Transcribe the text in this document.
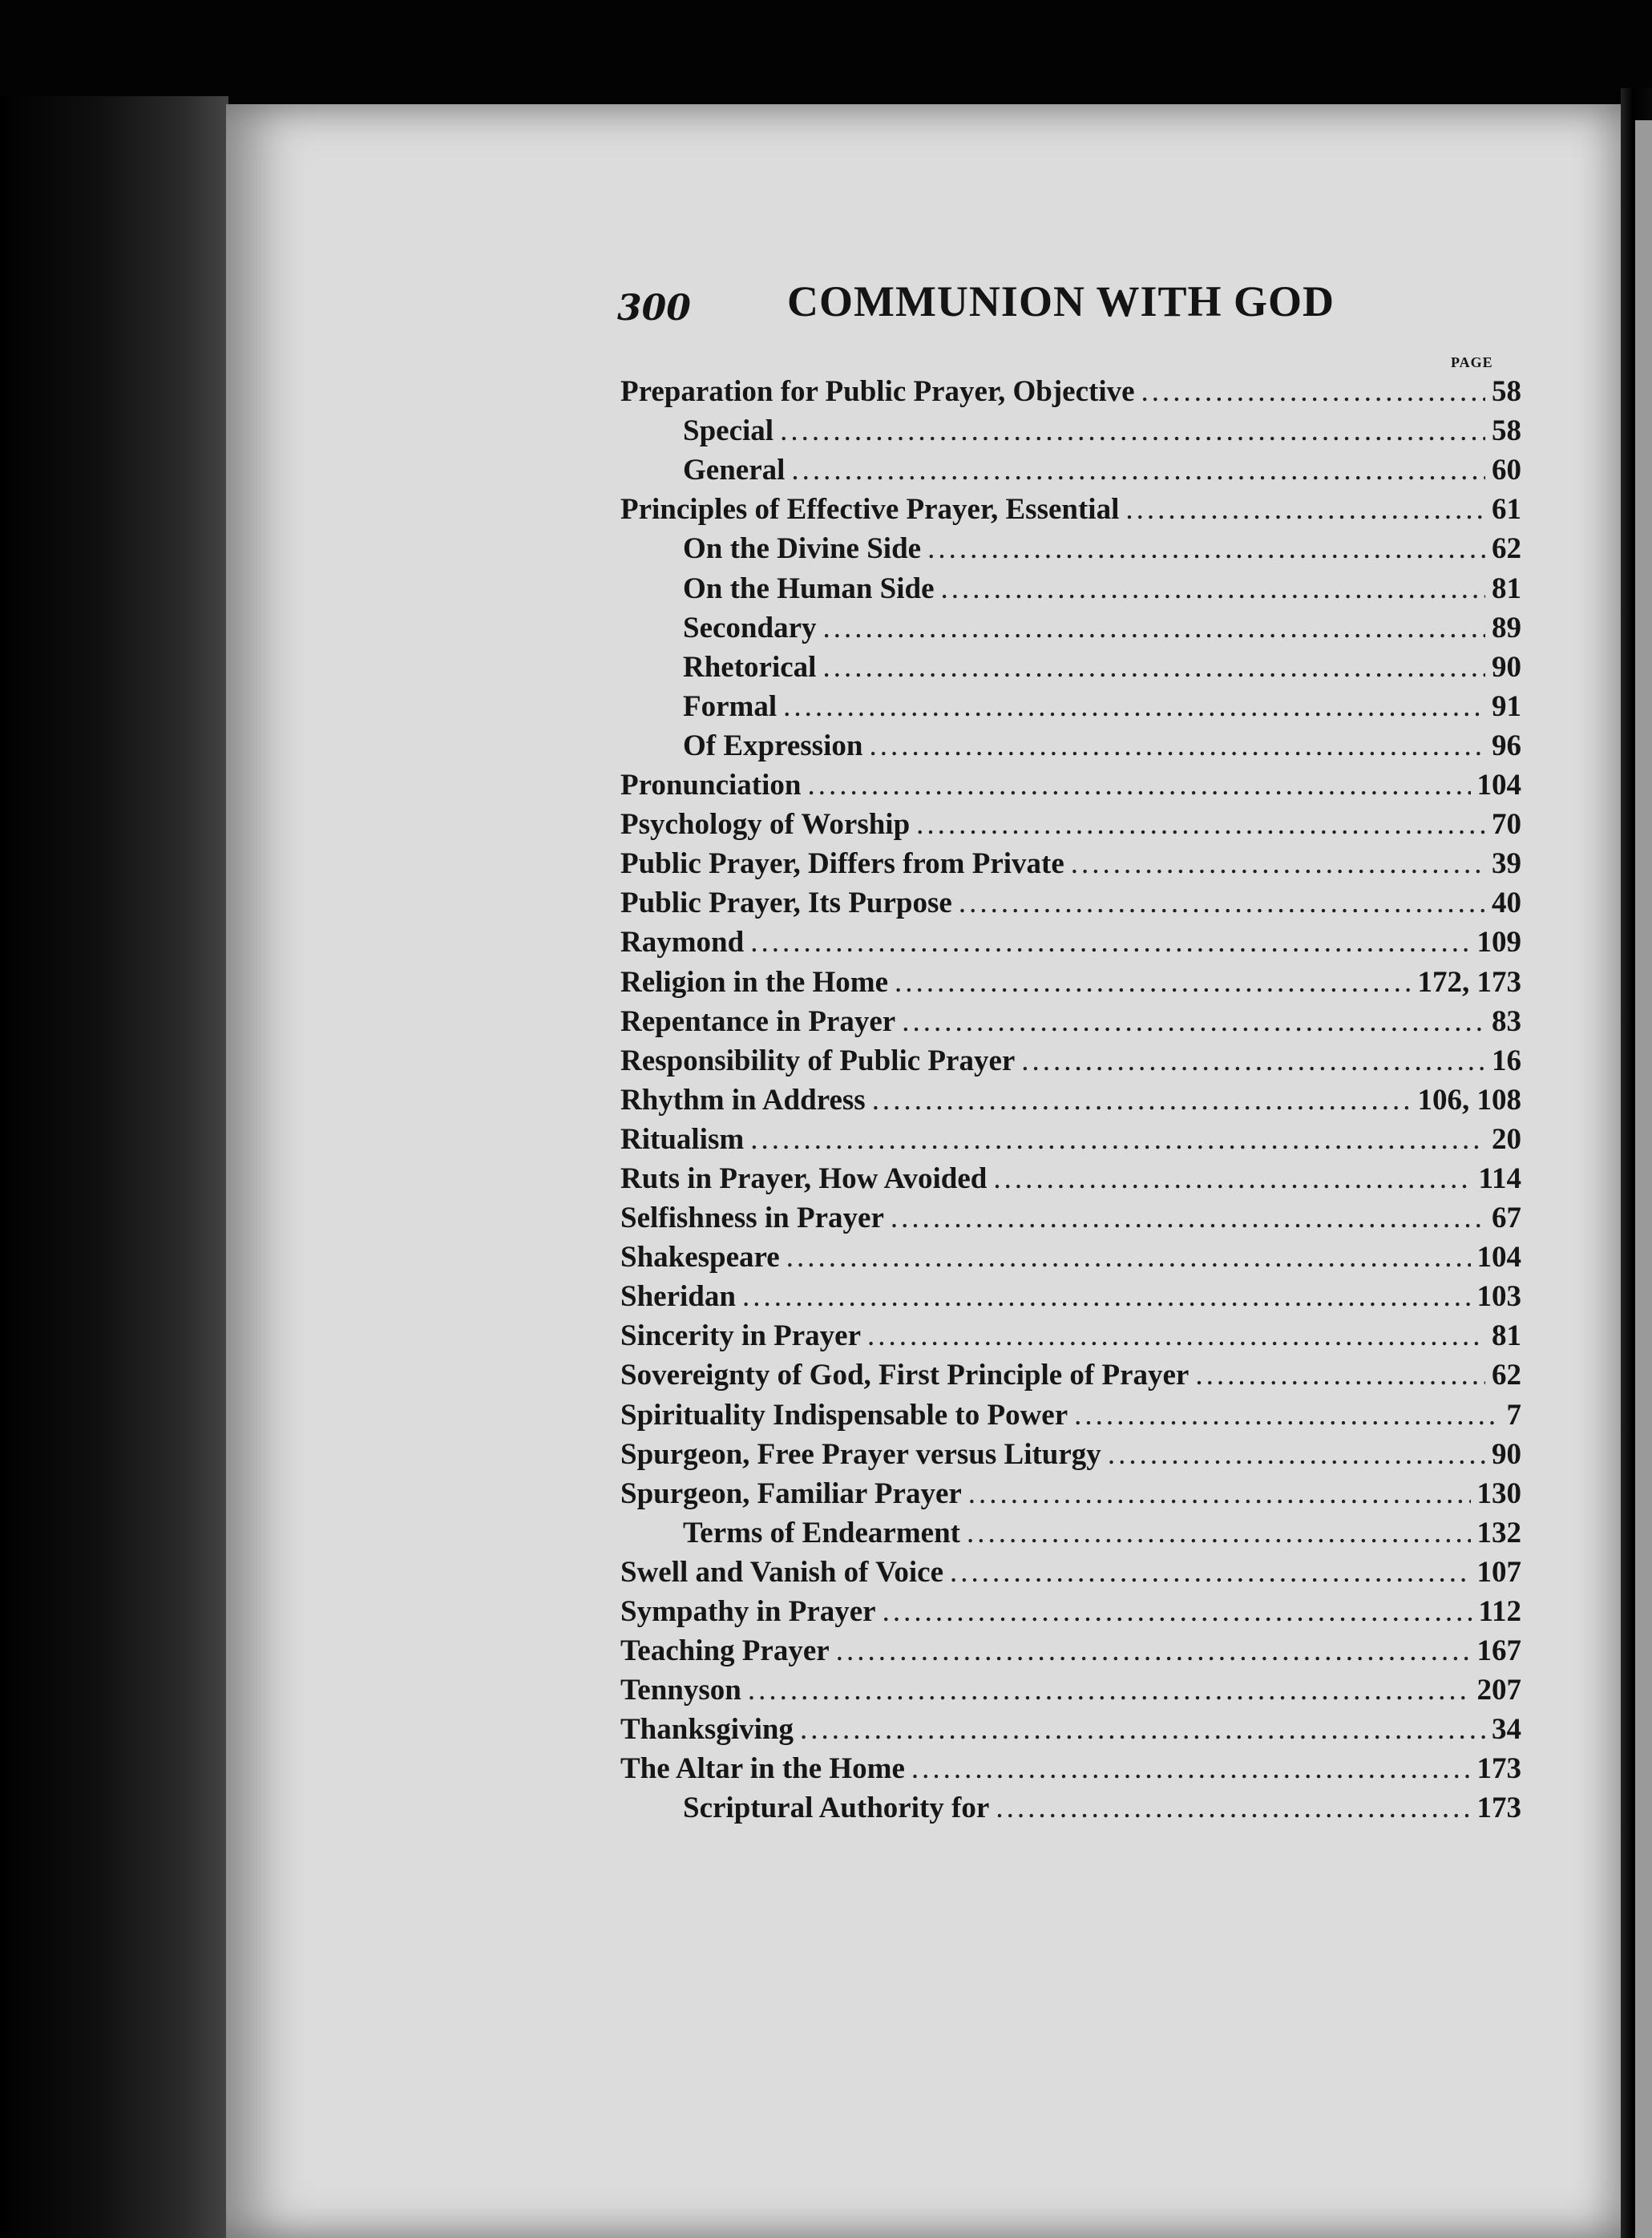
300 COMMUNION WITH GOD
PAGE
Preparation for Public Prayer, Objective .....	58
Special .....	58
General .....	60
Principles of Effective Prayer, Essential .....	61
On the Divine Side .....	62
On the Human Side .....	81
Secondary .....	89
Rhetorical .....	90
Formal .....	91
Of Expression .....	96
Pronunciation .....	104
Psychology of Worship .....	70
Public Prayer, Differs from Private .....	39
Public Prayer, Its Purpose .....	40
Raymond .....	109
Religion in the Home .....	172, 173
Repentance in Prayer .....	83
Responsibility of Public Prayer .....	16
Rhythm in Address .....	106, 108
Ritualism .....	20
Ruts in Prayer, How Avoided .....	114
Selfishness in Prayer .....	67
Shakespeare .....	104
Sheridan .....	103
Sincerity in Prayer .....	81
Sovereignty of God, First Principle of Prayer .....	62
Spirituality Indispensable to Power .....	7
Spurgeon, Free Prayer versus Liturgy .....	90
Spurgeon, Familiar Prayer .....	130
Terms of Endearment .....	132
Swell and Vanish of Voice .....	107
Sympathy in Prayer .....	112
Teaching Prayer .....	167
Tennyson .....	207
Thanksgiving .....	34
The Altar in the Home .....	173
Scriptural Authority for .....	173
